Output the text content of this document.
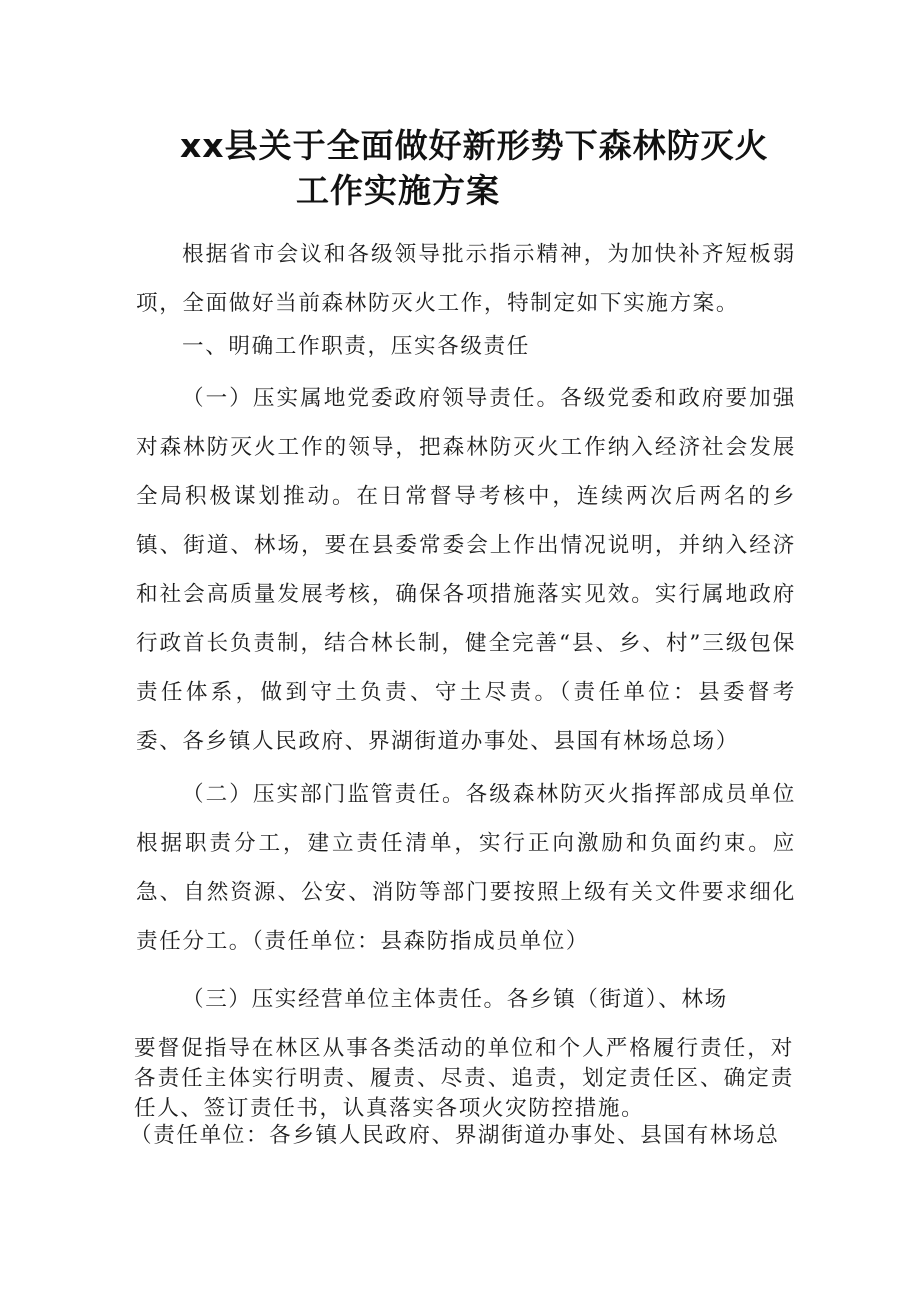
xx县关于全面做好新形势下森林防灭火
工作实施方案

根据省市会议和各级领导批示指示精神，为加快补齐短板弱项，全面做好当前森林防灭火工作，特制定如下实施方案。

一、明确工作职责，压实各级责任

（一）压实属地党委政府领导责任。各级党委和政府要加强对森林防灭火工作的领导，把森林防灭火工作纳入经济社会发展全局积极谋划推动。在日常督导考核中，连续两次后两名的乡镇、街道、林场，要在县委常委会上作出情况说明，并纳入经济和社会高质量发展考核，确保各项措施落实见效。实行属地政府行政首长负责制，结合林长制，健全完善“县、乡、村”三级包保责任体系，做到守土负责、守土尽责。（责任单位：县委督考委、各乡镇人民政府、界湖街道办事处、县国有林场总场）

（二）压实部门监管责任。各级森林防灭火指挥部成员单位根据职责分工，建立责任清单，实行正向激励和负面约束。应急、自然资源、公安、消防等部门要按照上级有关文件要求细化责任分工。（责任单位：县森防指成员单位）

（三）压实经营单位主体责任。各乡镇（街道）、林场

要督促指导在林区从事各类活动的单位和个人严格履行责任，对各责任主体实行明责、履责、尽责、追责，划定责任区、确定责任人、签订责任书，认真落实各项火灾防控措施。

（责任单位：各乡镇人民政府、界湖街道办事处、县国有林场总
